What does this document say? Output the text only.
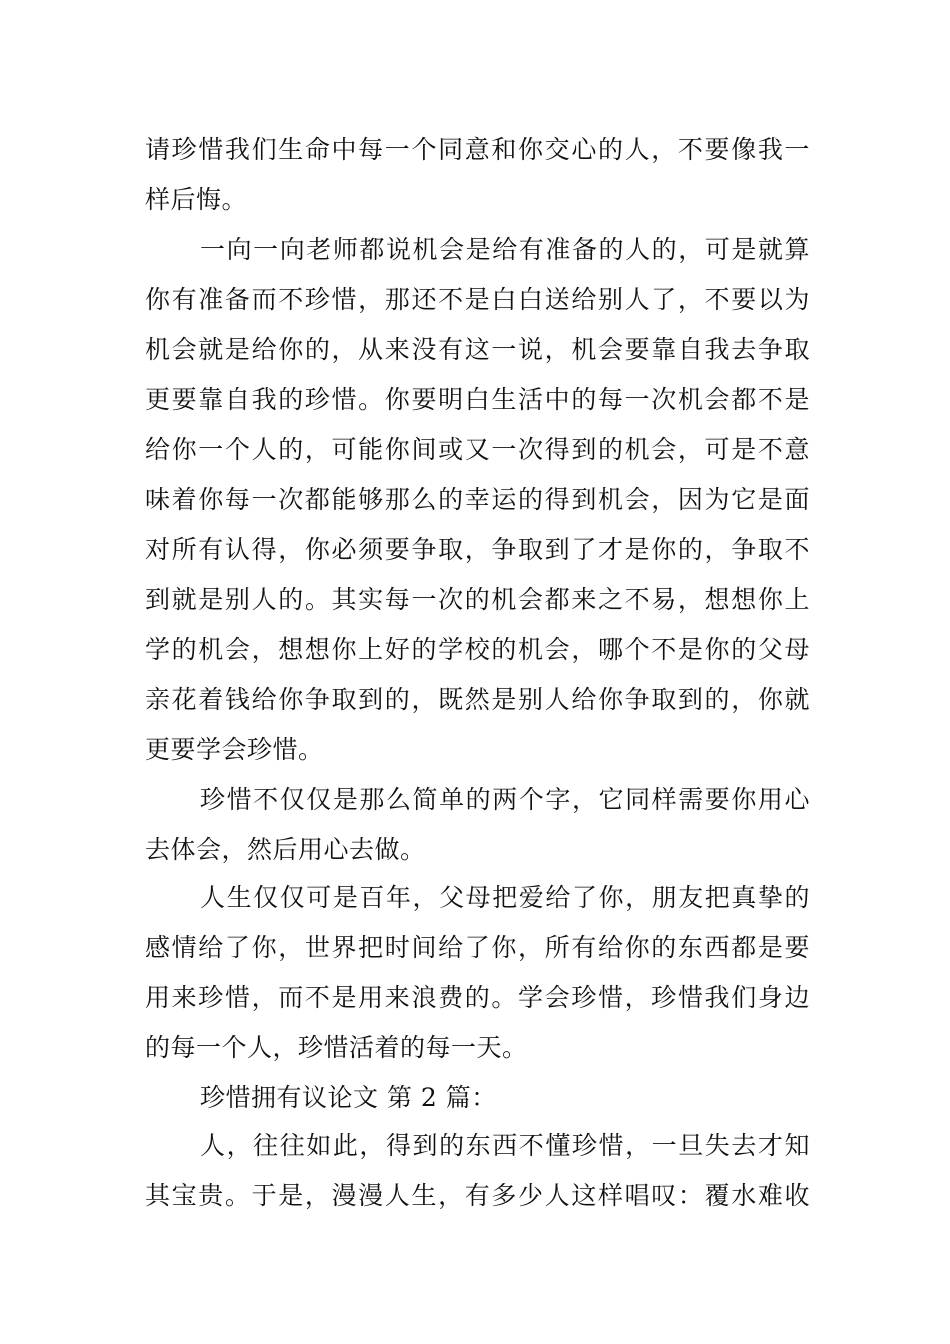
请珍惜我们生命中每一个同意和你交心的人，不要像我一
样后悔。
一向一向老师都说机会是给有准备的人的，可是就算
你有准备而不珍惜，那还不是白白送给别人了，不要以为
机会就是给你的，从来没有这一说，机会要靠自我去争取
更要靠自我的珍惜。你要明白生活中的每一次机会都不是
给你一个人的，可能你间或又一次得到的机会，可是不意
味着你每一次都能够那么的幸运的得到机会，因为它是面
对所有认得，你必须要争取，争取到了才是你的，争取不
到就是别人的。其实每一次的机会都来之不易，想想你上
学的机会，想想你上好的学校的机会，哪个不是你的父母
亲花着钱给你争取到的，既然是别人给你争取到的，你就
更要学会珍惜。
珍惜不仅仅是那么简单的两个字，它同样需要你用心
去体会，然后用心去做。
人生仅仅可是百年，父母把爱给了你，朋友把真挚的
感情给了你，世界把时间给了你，所有给你的东西都是要
用来珍惜，而不是用来浪费的。学会珍惜，珍惜我们身边
的每一个人，珍惜活着的每一天。
珍惜拥有议论文 第 2 篇：
人，往往如此，得到的东西不懂珍惜，一旦失去才知
其宝贵。于是，漫漫人生，有多少人这样唱叹：覆水难收
